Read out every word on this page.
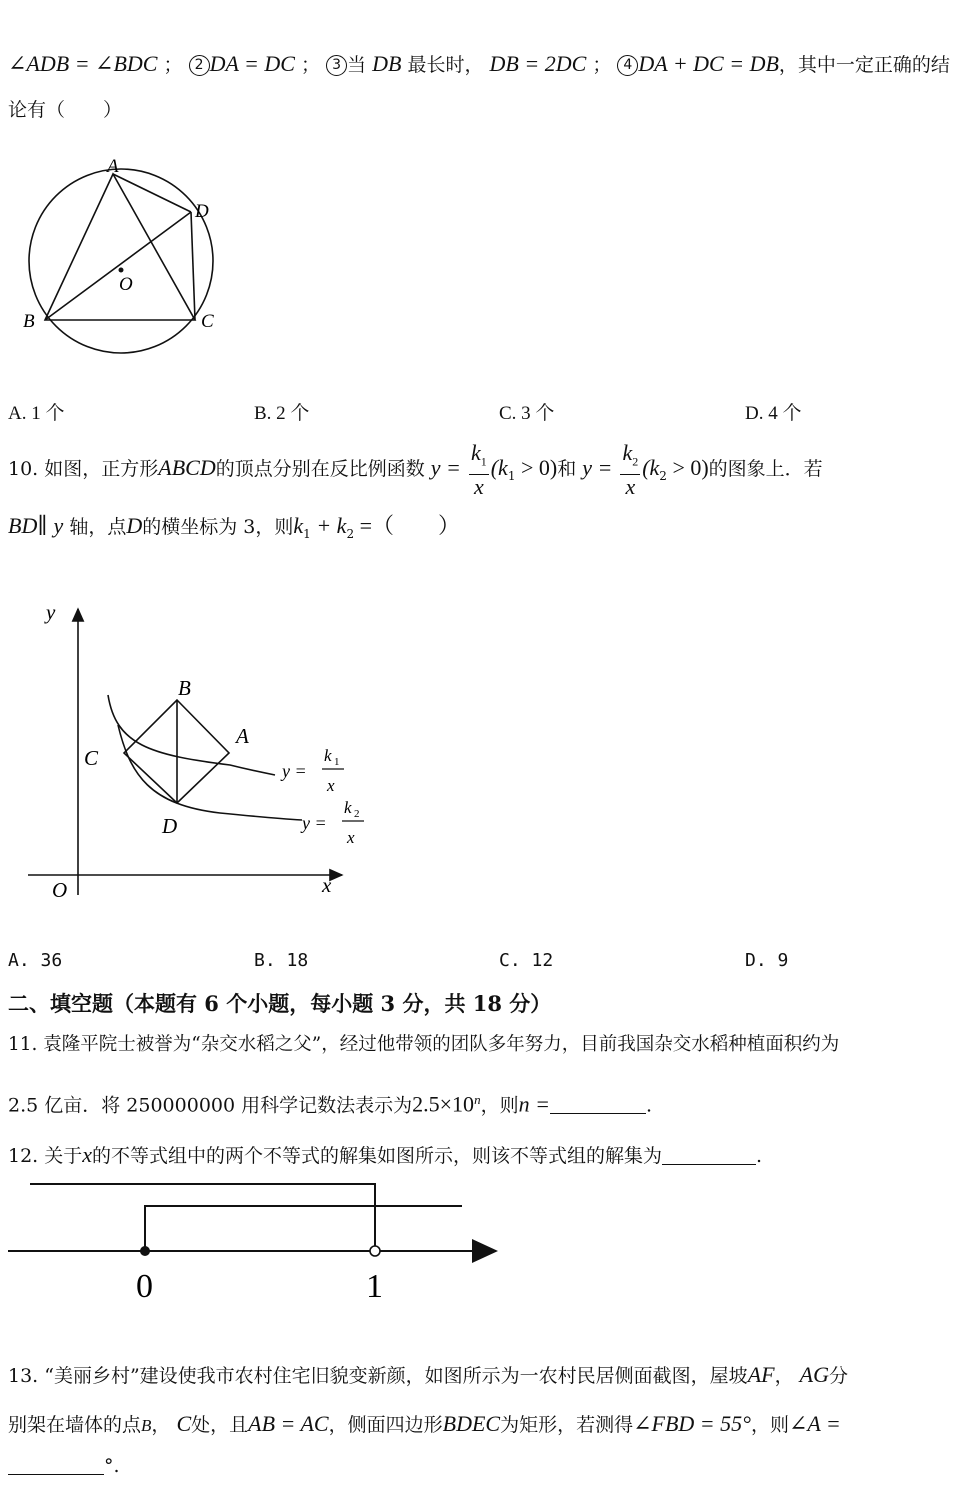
∠ADB = ∠BDC ； 2 DA = DC ； 3 当 DB 最长时， DB = 2DC ； 4 DA + DC = DB，其中一定正确的结
论有（　　）
A
D
O
B	C
A. 1 个	B. 2 个	C. 3 个	D. 4 个
10. 如图，正方形ABCD的顶点分别在反比例函数 $y = \frac{k_1}{x} (k_1 > 0)$和 $y = \frac{k_2}{x} (k_2 > 0)$的图象上．若
BD∥ y 轴，点D的横坐标为 3，则$k_1 + k_2$ =（　　）
y
x
O
B
A
C
D
y =
k 1
x
y =
k 2
x
A. 36	B. 18	C. 12	D. 9
二、填空题（本题有 6 个小题，每小题 3 分，共 18 分）
11. 袁隆平院士被誉为“杂交水稻之父”，经过他带领的团队多年努力，目前我国杂交水稻种植面积约为
2.5 亿亩．将 250000000 用科学记数法表示为$2.5\times 10^n$，则n =	.
12. 关于x的不等式组中的两个不等式的解集如图所示，则该不等式组的解集为	.
0	1
13. “美丽乡村”建设使我市农村住宅旧貌变新颜，如图所示为一农村民居侧面截图，屋坡AF， AG分
别架在墙体的点B， C处，且AB = AC，侧面四边形BDEC为矩形，若测得∠FBD = 55°，则∠A =
°.
